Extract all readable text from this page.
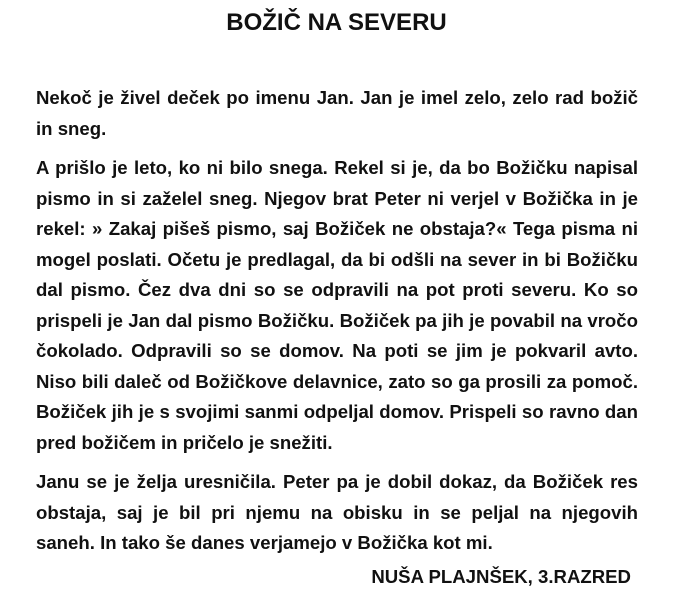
BOŽIČ NA SEVERU

Nekoč je živel deček po imenu Jan. Jan je imel zelo, zelo rad božič in sneg.

A prišlo je leto, ko ni bilo snega. Rekel si je, da bo Božičku napisal pismo in si zaželel sneg. Njegov brat Peter ni verjel v Božička in je rekel: » Zakaj pišeš pismo, saj Božiček ne obstaja?« Tega pisma ni mogel poslati. Očetu je predlagal, da bi odšli na sever in bi Božičku dal pismo. Čez dva dni so se odpravili na pot proti severu. Ko so prispeli je Jan dal pismo Božičku. Božiček pa jih je povabil na vročo čokolado. Odpravili so se domov. Na poti se jim je pokvaril avto. Niso bili daleč od Božičkove delavnice, zato so ga prosili za pomoč. Božiček jih je s svojimi sanmi odpeljal domov. Prispeli so ravno dan pred božičem in pričelo je snežiti.

Janu se je želja uresničila. Peter pa je dobil dokaz, da Božiček res obstaja, saj je bil pri njemu na obisku in se peljal na njegovih saneh. In tako še danes verjamejo v Božička kot mi.

NUŠA PLAJNŠEK, 3.RAZRED
